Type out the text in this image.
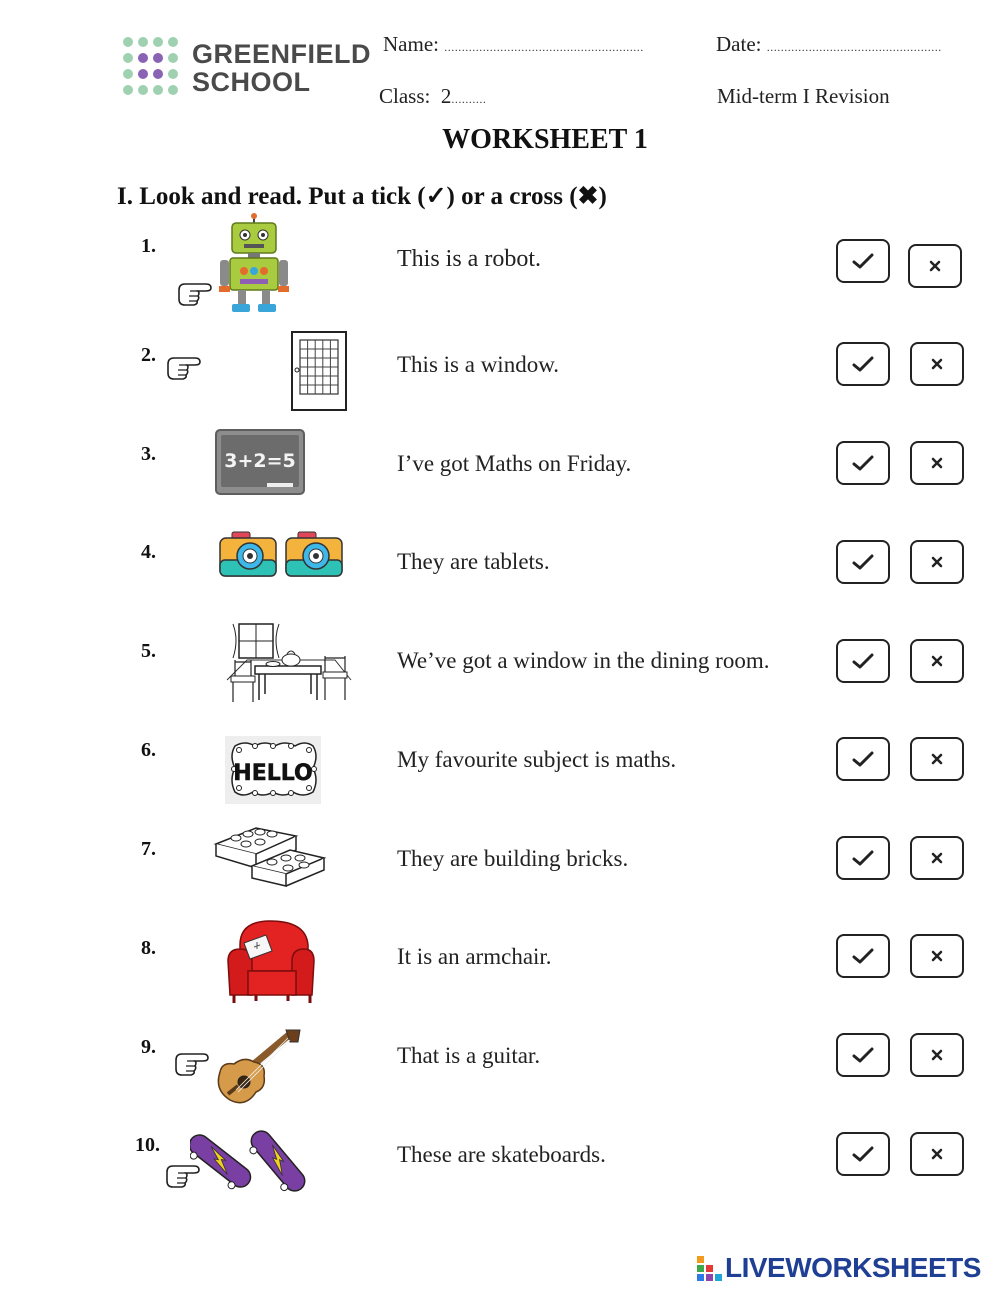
GREENFIELD
SCHOOL
Name: .........................................................	Date: ..................................................
Class: 2..........	Mid-term I Revision
WORKSHEET 1
I. Look and read. Put a tick (✓) or a cross (✖)
1.	This is a robot.
2.	This is a window.
3.	3+2=5	I’ve got Maths on Friday.
4.	They are tablets.
5.	We’ve got a window in the dining room.
6.
HELLO
My favourite subject is maths.
7.	They are building bricks.
8.	It is an armchair.
9.	That is a guitar.
10.	These are skateboards.
LIVEWORKSHEETS
